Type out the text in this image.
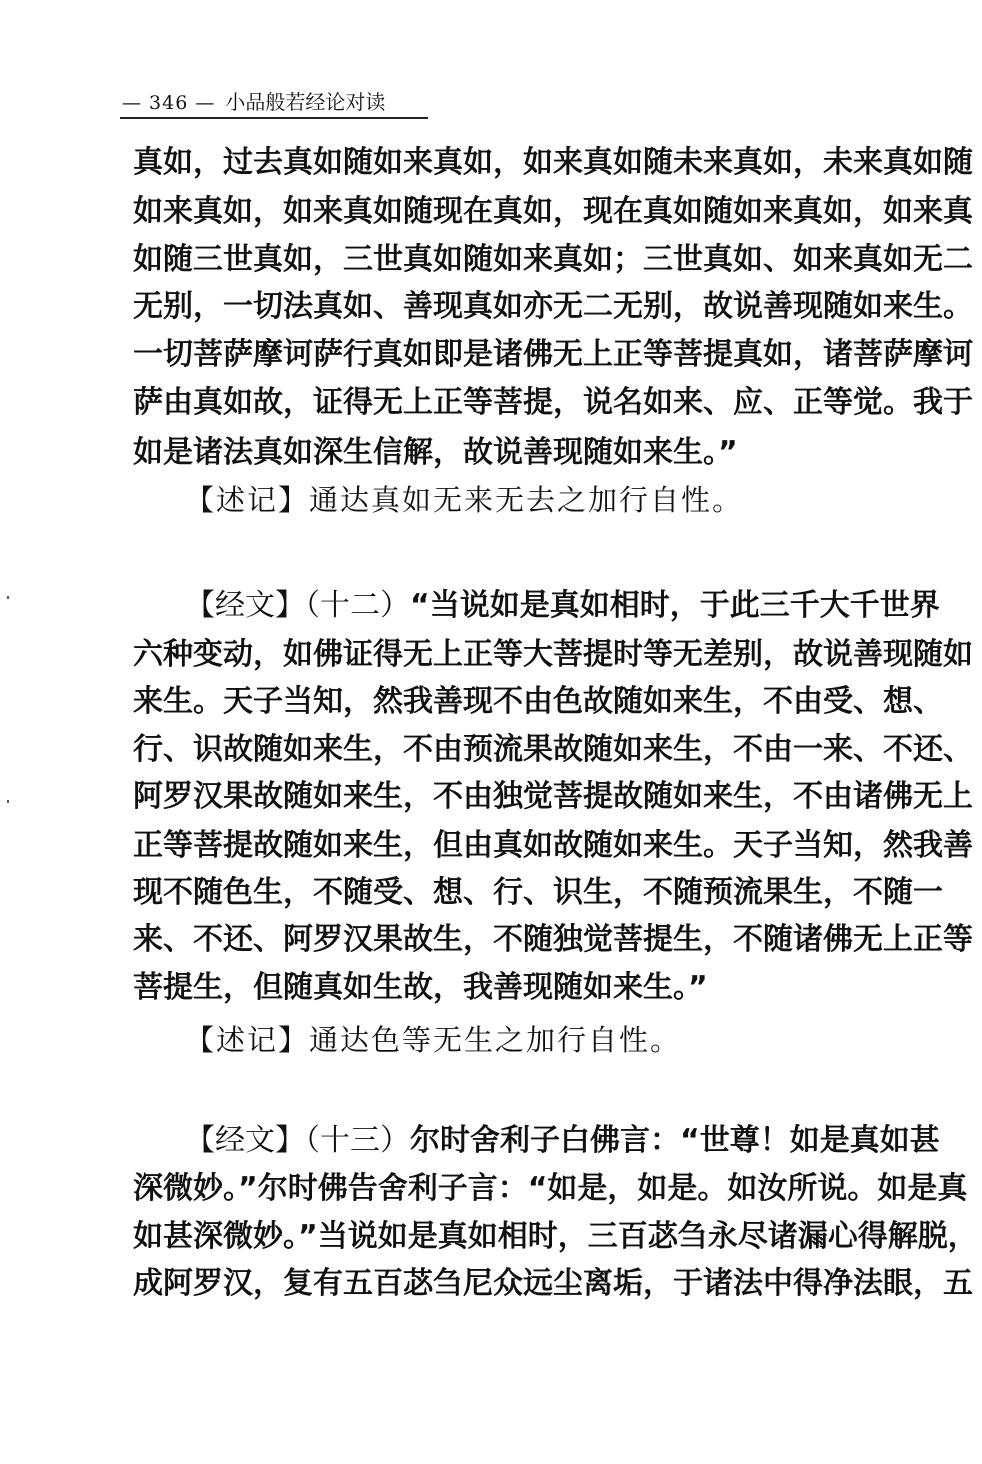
— 346 — 小品般若经论对读
真如，过去真如随如来真如，如来真如随未来真如，未来真如随
如来真如，如来真如随现在真如，现在真如随如来真如，如来真
如随三世真如，三世真如随如来真如；三世真如、如来真如无二
无别，一切法真如、善现真如亦无二无别，故说善现随如来生。
一切菩萨摩诃萨行真如即是诸佛无上正等菩提真如，诸菩萨摩诃
萨由真如故，证得无上正等菩提，说名如来、应、正等觉。我于
如是诸法真如深生信解，故说善现随如来生。”
【述记】通达真如无来无去之加行自性。
【经文】（十二）“当说如是真如相时，于此三千大千世界
六种变动，如佛证得无上正等大菩提时等无差别，故说善现随如
来生。天子当知，然我善现不由色故随如来生，不由受、想、
行、识故随如来生，不由预流果故随如来生，不由一来、不还、
阿罗汉果故随如来生，不由独觉菩提故随如来生，不由诸佛无上
正等菩提故随如来生，但由真如故随如来生。天子当知，然我善
现不随色生，不随受、想、行、识生，不随预流果生，不随一
来、不还、阿罗汉果故生，不随独觉菩提生，不随诸佛无上正等
菩提生，但随真如生故，我善现随如来生。”
【述记】通达色等无生之加行自性。
【经文】（十三）尔时舍利子白佛言：“世尊！如是真如甚
深微妙。”尔时佛告舍利子言：“如是，如是。如汝所说。如是真
如甚深微妙。”当说如是真如相时，三百苾刍永尽诸漏心得解脱，
成阿罗汉，复有五百苾刍尼众远尘离垢，于诸法中得净法眼，五
